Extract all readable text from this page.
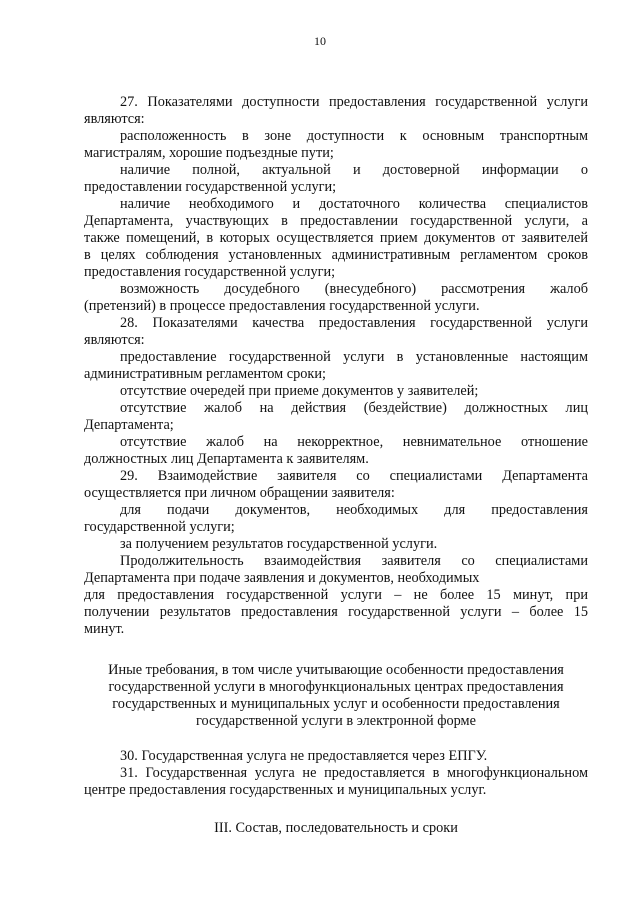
10
27. Показателями доступности предоставления государственной услуги
являются:
расположенность в зоне доступности к основным транспортным
магистралям, хорошие подъездные пути;
наличие полной, актуальной и достоверной информации о
предоставлении государственной услуги;
наличие необходимого и достаточного количества специалистов
Департамента, участвующих в предоставлении государственной услуги, а
также помещений, в которых осуществляется прием документов от заявителей
в целях соблюдения установленных административным регламентом сроков
предоставления государственной услуги;
возможность досудебного (внесудебного) рассмотрения жалоб
(претензий) в процессе предоставления государственной услуги.
28. Показателями качества предоставления государственной услуги
являются:
предоставление государственной услуги в установленные настоящим
административным регламентом сроки;
отсутствие очередей при приеме документов у заявителей;
отсутствие жалоб на действия (бездействие) должностных лиц
Департамента;
отсутствие жалоб на некорректное, невнимательное отношение
должностных лиц Департамента к заявителям.
29. Взаимодействие заявителя со специалистами Департамента
осуществляется при личном обращении заявителя:
для подачи документов, необходимых для предоставления
государственной услуги;
за получением результатов государственной услуги.
Продолжительность взаимодействия заявителя со специалистами
Департамента при подаче заявления и документов, необходимых
для предоставления государственной услуги – не более 15 минут, при
получении результатов предоставления государственной услуги – более 15
минут.
Иные требования, в том числе учитывающие особенности предоставления
государственной услуги в многофункциональных центрах предоставления
государственных и муниципальных услуг и особенности предоставления
государственной услуги в электронной форме
30. Государственная услуга не предоставляется через ЕПГУ.
31. Государственная услуга не предоставляется в многофункциональном
центре предоставления государственных и муниципальных услуг.
III. Состав, последовательность и сроки
